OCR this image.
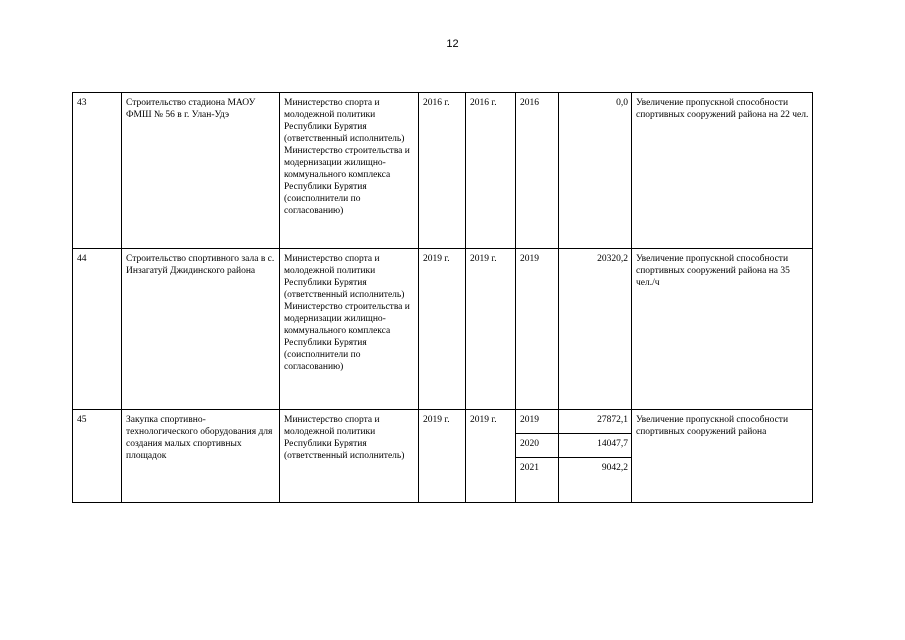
12
43	Строительство стадиона МАОУ ФМШ № 56 в г. Улан-Удэ	Министерство спорта и молодежной политики Республики Бурятия (ответственный исполнитель) Министерство строительства и модернизации жилищно-коммунального комплекса Республики Бурятия (соисполнители по согласованию)	2016 г.	2016 г.	2016	0,0	Увеличение пропускной способности спортивных сооружений района на 22 чел.
44	Строительство спортивного зала в с. Инзагатуй Джидинского района	Министерство спорта и молодежной политики Республики Бурятия (ответственный исполнитель) Министерство строительства и модернизации жилищно-коммунального комплекса Республики Бурятия (соисполнители по согласованию)	2019 г.	2019 г.	2019	20320,2	Увеличение пропускной способности спортивных сооружений района на 35 чел./ч
45	Закупка спортивно-технологического оборудования для создания малых спортивных площадок	Министерство спорта и молодежной политики Республики Бурятия (ответственный исполнитель)	2019 г.	2019 г.	2019	27872,1	Увеличение пропускной способности спортивных сооружений района
					2020	14047,7	
					2021	9042,2	
